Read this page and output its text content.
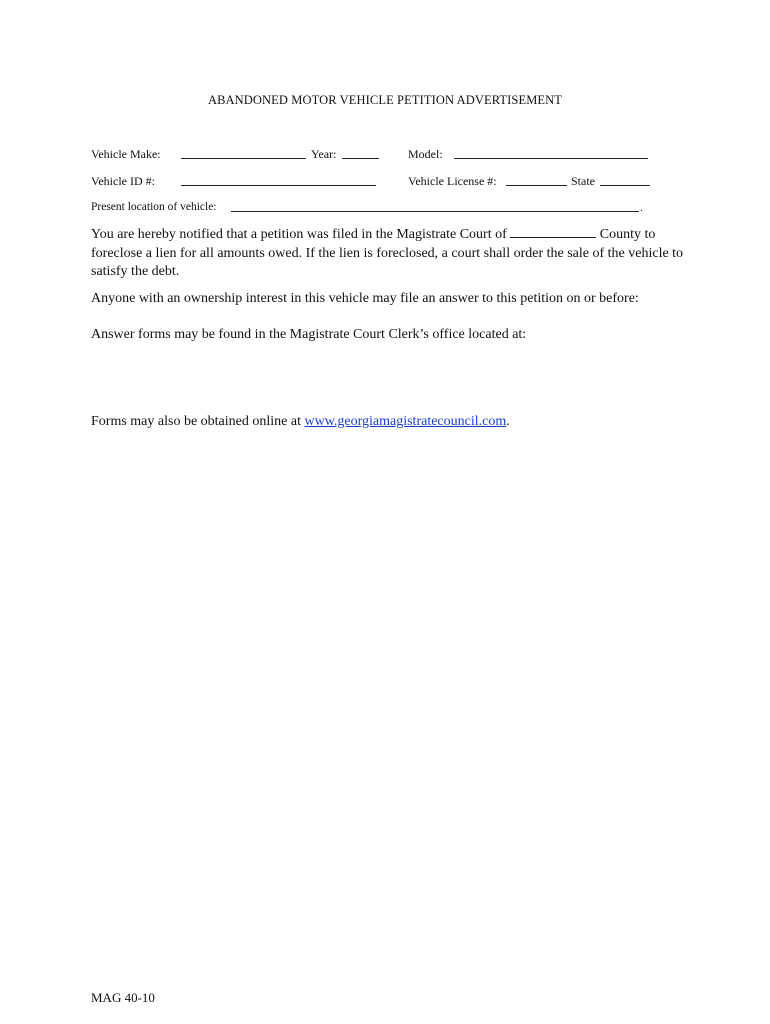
ABANDONED MOTOR VEHICLE PETITION ADVERTISEMENT
Vehicle Make:	Year:	Model:
Vehicle ID #:	Vehicle License #:	State
Present location of vehicle:	.
You are hereby notified that a petition was filed in the Magistrate Court of	County to foreclose a lien for all amounts owed. If the lien is foreclosed, a court shall order the sale of the vehicle to satisfy the debt.
Anyone with an ownership interest in this vehicle may file an answer to this petition on or before:
Answer forms may be found in the Magistrate Court Clerk’s office located at:
Forms may also be obtained online at www.georgiamagistratecouncil.com.
MAG 40-10
